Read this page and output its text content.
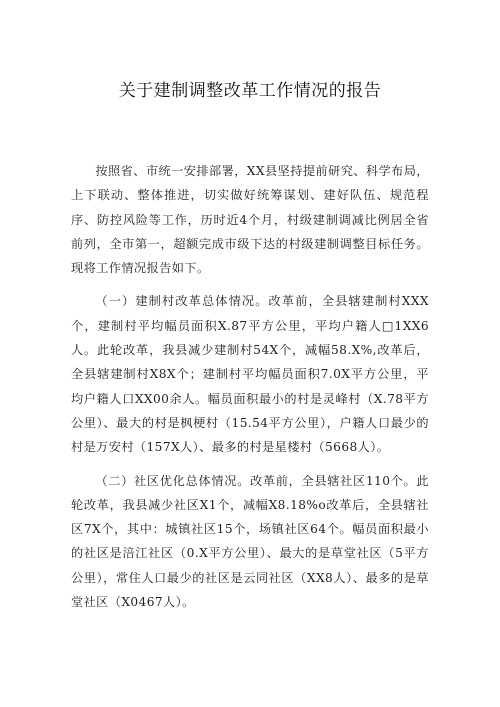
关于建制调整改革工作情况的报告

按照省、市统一安排部署，XX县坚持提前研究、科学布局，上下联动、整体推进，切实做好统筹谋划、建好队伍、规范程序、防控风险等工作，历时近4个月，村级建制调减比例居全省前列，全市第一，超额完成市级下达的村级建制调整目标任务。现将工作情况报告如下。

（一）建制村改革总体情况。改革前，全县辖建制村XXX个，建制村平均幅员面积X.87平方公里，平均户籍人□1XX6人。此轮改革，我县减少建制村54X个，减幅58.X%,改革后，全县辖建制村X8X个；建制村平均幅员面积7.0X平方公里，平均户籍人口XX00余人。幅员面积最小的村是灵峰村（X.78平方公里）、最大的村是枫梗村（15.54平方公里），户籍人口最少的村是万安村（157X人）、最多的村是星楼村（5668人）。

（二）社区优化总体情况。改革前，全县辖社区110个。此轮改革，我县减少社区X1个，减幅X8.18%o改革后，全县辖社区7X个，其中：城镇社区15个，场镇社区64个。幅员面积最小的社区是涪江社区（0.X平方公里）、最大的是草堂社区（5平方公里），常住人口最少的社区是云同社区（XX8人）、最多的是草堂社区（X0467人）。
